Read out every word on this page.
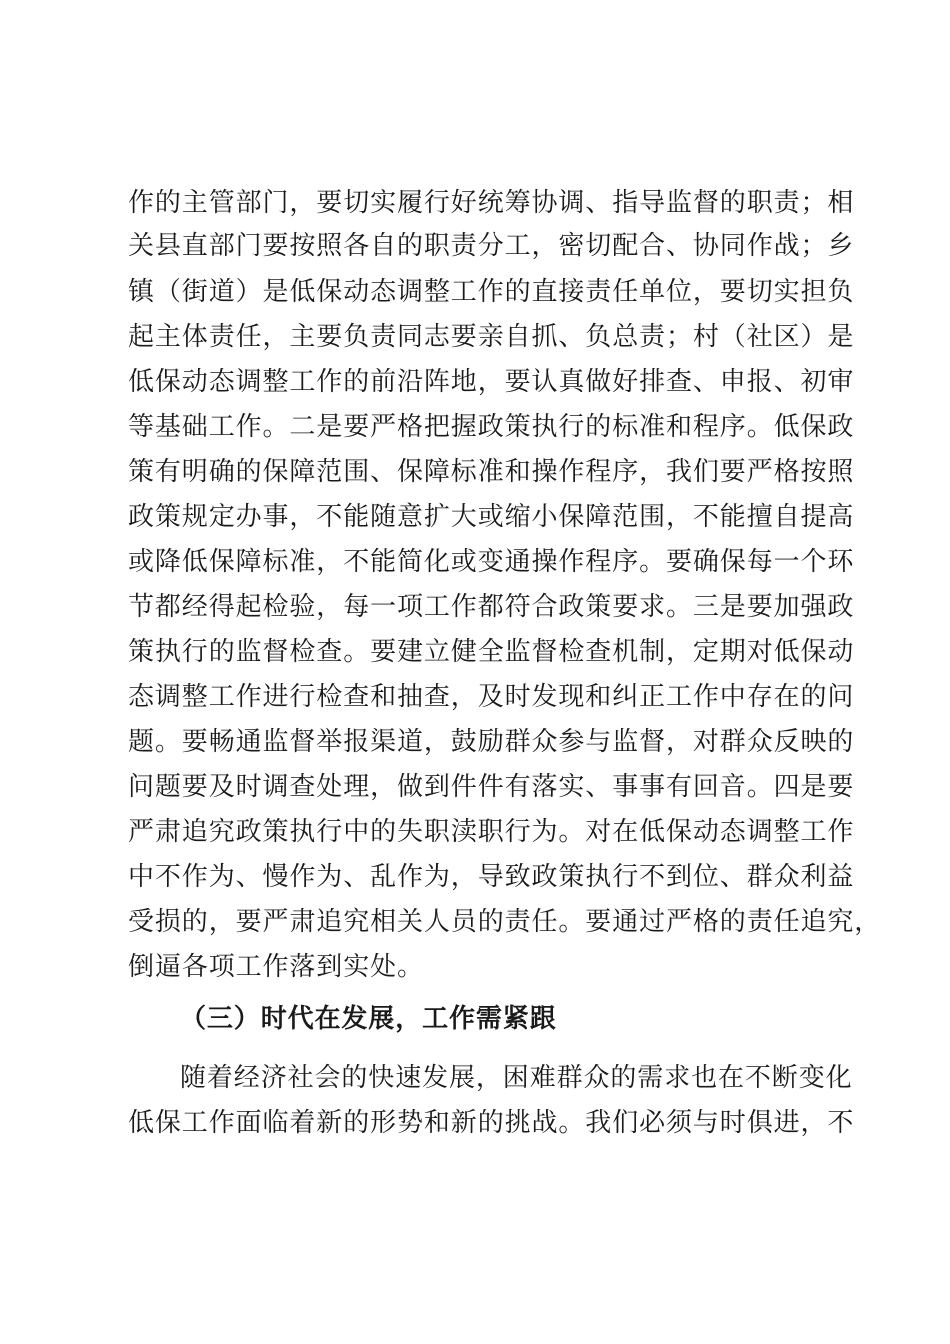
作的主管部门，要切实履行好统筹协调、指导监督的职责；相
关县直部门要按照各自的职责分工，密切配合、协同作战；乡
镇（街道）是低保动态调整工作的直接责任单位，要切实担负
起主体责任，主要负责同志要亲自抓、负总责；村（社区）是
低保动态调整工作的前沿阵地，要认真做好排查、申报、初审
等基础工作。二是要严格把握政策执行的标准和程序。低保政
策有明确的保障范围、保障标准和操作程序，我们要严格按照
政策规定办事，不能随意扩大或缩小保障范围，不能擅自提高
或降低保障标准，不能简化或变通操作程序。要确保每一个环
节都经得起检验，每一项工作都符合政策要求。三是要加强政
策执行的监督检查。要建立健全监督检查机制，定期对低保动
态调整工作进行检查和抽查，及时发现和纠正工作中存在的问
题。要畅通监督举报渠道，鼓励群众参与监督，对群众反映的
问题要及时调查处理，做到件件有落实、事事有回音。四是要
严肃追究政策执行中的失职渎职行为。对在低保动态调整工作
中不作为、慢作为、乱作为，导致政策执行不到位、群众利益
受损的，要严肃追究相关人员的责任。要通过严格的责任追究，
倒逼各项工作落到实处。
（三）时代在发展，工作需紧跟
随着经济社会的快速发展，困难群众的需求也在不断变化
低保工作面临着新的形势和新的挑战。我们必须与时俱进，不
